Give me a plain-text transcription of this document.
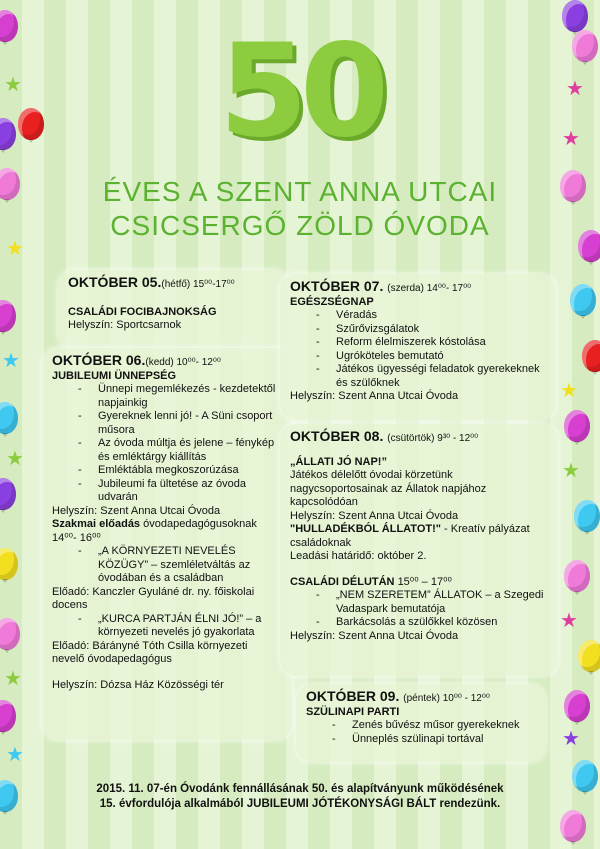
★
★
★
★
★
★
★
★
★
★
★
★
50
ÉVES A SZENT ANNA UTCAI
CSICSERGŐ ZÖLD ÓVODA
OKTÓBER 05.(hétfő) 15⁰⁰-17⁰⁰

CSALÁDI FOCIBAJNOKSÁG

Helyszín: Sportcsarnok

OKTÓBER 06.(kedd) 10⁰⁰- 12⁰⁰

JUBILEUMI ÜNNEPSÉG

- Ünnepi megemlékezés - kezdetektől napjainkig
- Gyereknek lenni jó! - A Süni csoport műsora
- Az óvoda múltja és jelene – fénykép és emléktárgy kiállítás
- Emléktábla megkoszorúzása
- Jubileumi fa ültetése az óvoda udvarán

Helyszín: Szent Anna Utcai Óvoda

Szakmai előadás óvodapedagógusoknak

14⁰⁰- 16⁰⁰

- „A KÖRNYEZETI NEVELÉS KÖZÜGY” – szemléletváltás az óvodában és a családban

Előadó: Kanczler Gyuláné dr. ny. főiskolai docens

- „KURCA PARTJÁN ÉLNI JÓ!” – a környezeti nevelés jó gyakorlata

Előadó: Bárányné Tóth Csilla környezeti nevelő óvodapedagógus

Helyszín: Dózsa Ház Közösségi tér

OKTÓBER 07. (szerda) 14⁰⁰- 17⁰⁰

EGÉSZSÉGNAP

- Véradás
- Szűrővizsgálatok
- Reform élelmiszerek kóstolása
- Ugróköteles bemutató
- Játékos ügyességi feladatok gyerekeknek és szülőknek

Helyszín: Szent Anna Utcai Óvoda

OKTÓBER 08. (csütörtök) 9³⁰ - 12⁰⁰

„ÁLLATI JÓ NAP!”

Játékos délelőtt óvodai körzetünk nagycsoportosainak az Állatok napjához kapcsolódóan

Helyszín: Szent Anna Utcai Óvoda

"HULLADÉKBÓL ÁLLATOT!" - Kreatív pályázat családoknak

Leadási határidő: október 2.

CSALÁDI DÉLUTÁN 15⁰⁰ – 17⁰⁰

- „NEM SZERETEM” ÁLLATOK – a Szegedi Vadaspark bemutatója
- Barkácsolás a szülőkkel közösen

Helyszín: Szent Anna Utcai Óvoda

OKTÓBER 09. (péntek) 10⁰⁰ - 12⁰⁰

SZÜLINAPI PARTI

- Zenés bűvész műsor gyerekeknek
- Ünneplés szülinapi tortával
2015. 11. 07-én Óvodánk fennállásának 50. és alapítványunk működésének
15. évfordulója alkalmából JUBILEUMI JÓTÉKONYSÁGI BÁLT rendezünk.
